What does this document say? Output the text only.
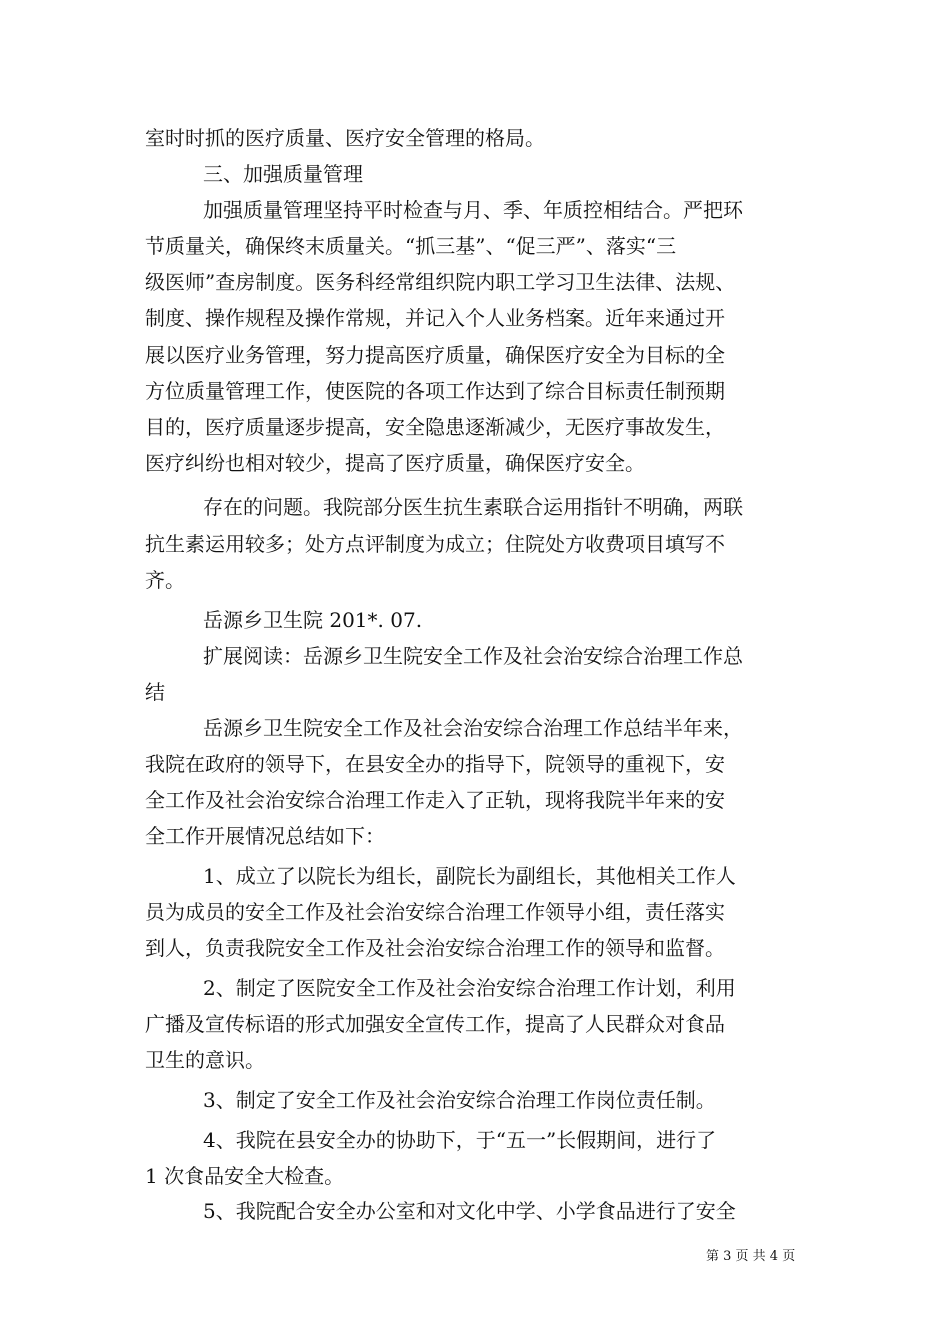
室时时抓的医疗质量、医疗安全管理的格局。
三、加强质量管理
加强质量管理坚持平时检查与月、季、年质控相结合。严把环
节质量关，确保终末质量关。“抓三基”、“促三严”、落实“三
级医师”查房制度。医务科经常组织院内职工学习卫生法律、法规、
制度、操作规程及操作常规，并记入个人业务档案。近年来通过开
展以医疗业务管理，努力提高医疗质量，确保医疗安全为目标的全
方位质量管理工作，使医院的各项工作达到了综合目标责任制预期
目的，医疗质量逐步提高，安全隐患逐渐减少，无医疗事故发生，
医疗纠纷也相对较少，提高了医疗质量，确保医疗安全。
存在的问题。我院部分医生抗生素联合运用指针不明确，两联
抗生素运用较多；处方点评制度为成立；住院处方收费项目填写不
齐。
岳源乡卫生院 201*. 07.
扩展阅读：岳源乡卫生院安全工作及社会治安综合治理工作总
结
岳源乡卫生院安全工作及社会治安综合治理工作总结半年来，
我院在政府的领导下，在县安全办的指导下，院领导的重视下，安
全工作及社会治安综合治理工作走入了正轨，现将我院半年来的安
全工作开展情况总结如下：
1、成立了以院长为组长，副院长为副组长，其他相关工作人
员为成员的安全工作及社会治安综合治理工作领导小组，责任落实
到人，负责我院安全工作及社会治安综合治理工作的领导和监督。
2、制定了医院安全工作及社会治安综合治理工作计划，利用
广播及宣传标语的形式加强安全宣传工作，提高了人民群众对食品
卫生的意识。
3、制定了安全工作及社会治安综合治理工作岗位责任制。
4、我院在县安全办的协助下，于“五一”长假期间，进行了
1 次食品安全大检查。
5、我院配合安全办公室和对文化中学、小学食品进行了安全
第 3 页 共 4 页
